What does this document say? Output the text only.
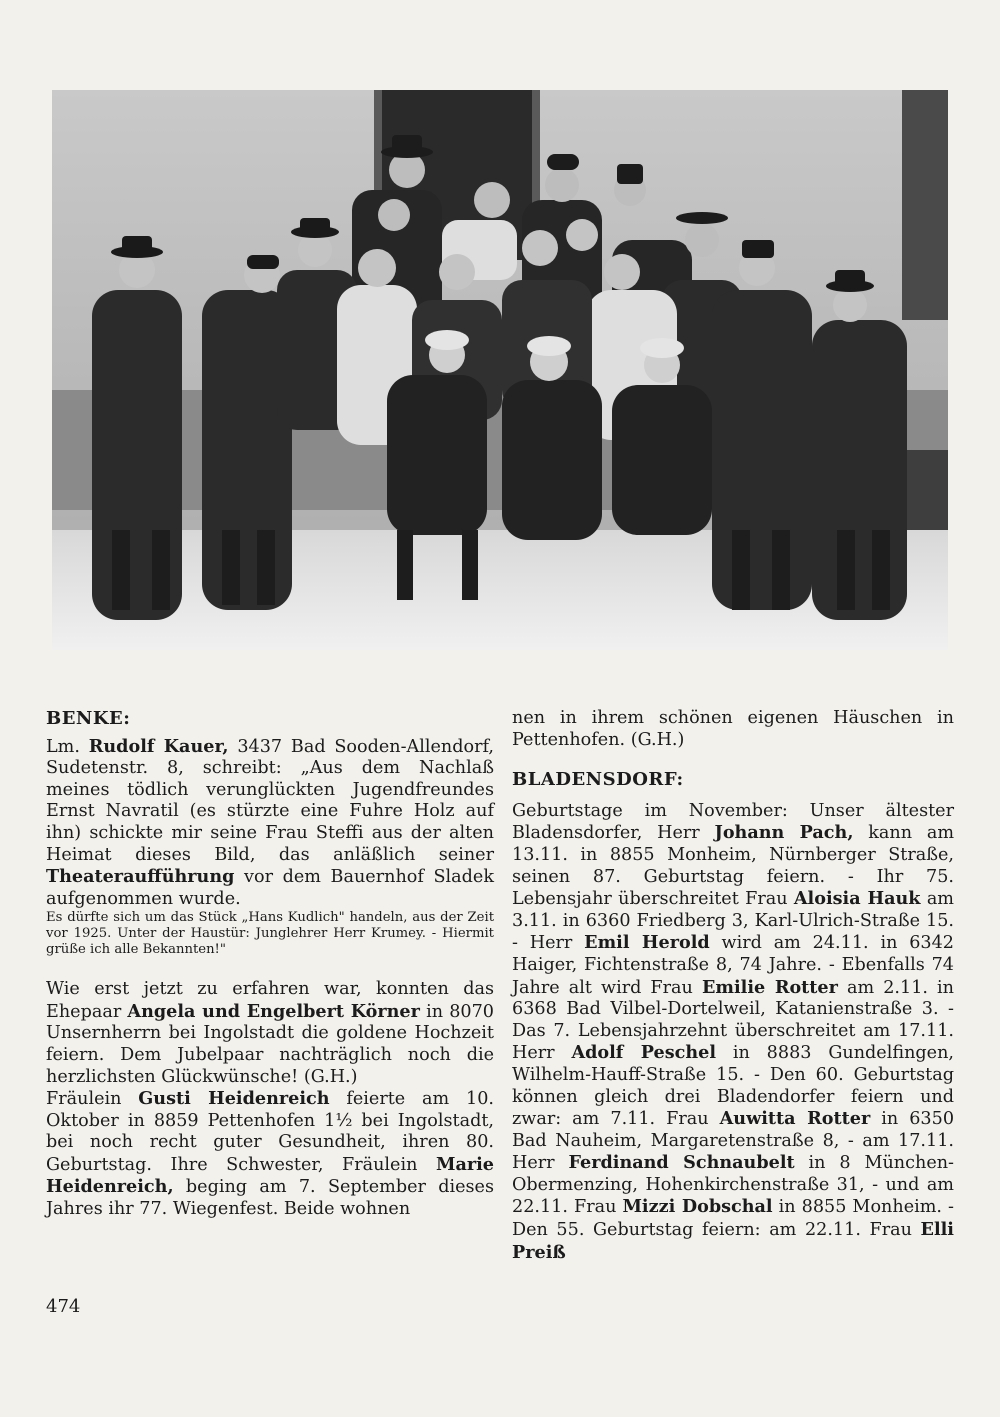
BENKE:

Lm. Rudolf Kauer, 3437 Bad Sooden-Allendorf, Sudetenstr. 8, schreibt: „Aus dem Nachlaß meines tödlich verunglückten Jugendfreundes Ernst Navratil (es stürzte eine Fuhre Holz auf ihn) schickte mir seine Frau Steffi aus der alten Heimat dieses Bild, das anläßlich seiner Theateraufführung vor dem Bauernhof Sladek aufgenommen wurde.

Es dürfte sich um das Stück „Hans Kudlich" handeln, aus der Zeit vor 1925. Unter der Haustür: Junglehrer Herr Krumey. - Hiermit grüße ich alle Bekannten!"

Wie erst jetzt zu erfahren war, konnten das Ehepaar Angela und Engelbert Körner in 8070 Unsernherrn bei Ingolstadt die goldene Hochzeit feiern. Dem Jubelpaar nachträglich noch die herzlichsten Glückwünsche! (G.H.)

Fräulein Gusti Heidenreich feierte am 10. Oktober in 8859 Pettenhofen 1½ bei Ingolstadt, bei noch recht guter Gesundheit, ihren 80. Geburtstag. Ihre Schwester, Fräulein Marie Heidenreich, beging am 7. September dieses Jahres ihr 77. Wiegenfest. Beide wohnen

nen in ihrem schönen eigenen Häuschen in Pettenhofen. (G.H.)

BLADENSDORF:

Geburtstage im November: Unser ältester Bladensdorfer, Herr Johann Pach, kann am 13.11. in 8855 Monheim, Nürnberger Straße, seinen 87. Geburtstag feiern. - Ihr 75. Lebensjahr überschreitet Frau Aloisia Hauk am 3.11. in 6360 Friedberg 3, Karl-Ulrich-Straße 15. - Herr Emil Herold wird am 24.11. in 6342 Haiger, Fichtenstraße 8, 74 Jahre. - Ebenfalls 74 Jahre alt wird Frau Emilie Rotter am 2.11. in 6368 Bad Vilbel-Dortelweil, Katanienstraße 3. - Das 7. Lebensjahrzehnt überschreitet am 17.11. Herr Adolf Peschel in 8883 Gundelfingen, Wilhelm-Hauff-Straße 15. - Den 60. Geburtstag können gleich drei Bladendorfer feiern und zwar: am 7.11. Frau Auwitta Rotter in 6350 Bad Nauheim, Margaretenstraße 8, - am 17.11. Herr Ferdinand Schnaubelt in 8 München-Obermenzing, Hohenkirchenstraße 31, - und am 22.11. Frau Mizzi Dobschal in 8855 Monheim. - Den 55. Geburtstag feiern: am 22.11. Frau Elli Preiß

474
